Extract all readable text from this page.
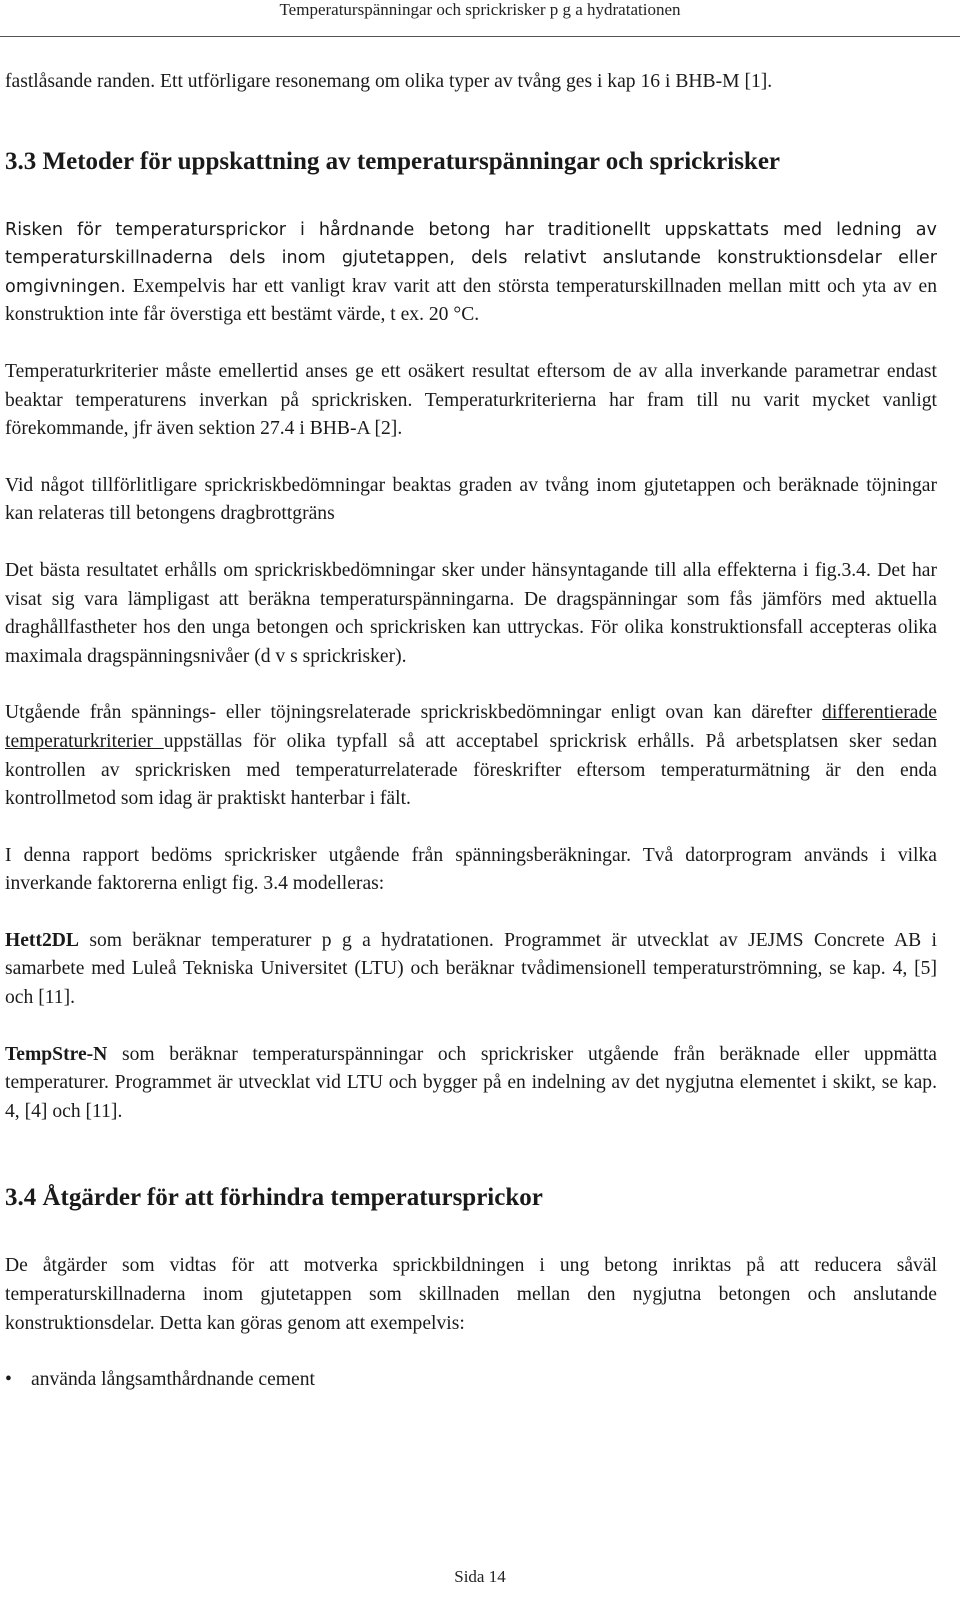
Temperaturspänningar och sprickrisker p g a hydratationen

fastlåsande randen. Ett utförligare resonemang om olika typer av tvång ges i kap 16 i BHB-M [1].

3.3 Metoder för uppskattning av temperaturspänningar och sprickrisker

Risken för temperatursprickor i hårdnande betong har traditionellt uppskattats med ledning av temperaturskillnaderna dels inom gjutetappen, dels relativt anslutande konstruktionsdelar eller omgivningen. Exempelvis har ett vanligt krav varit att den största temperaturskillnaden mellan mitt och yta av en konstruktion inte får överstiga ett bestämt värde, t ex. 20 °C.

Temperaturkriterier måste emellertid anses ge ett osäkert resultat eftersom de av alla inverkande parametrar endast beaktar temperaturens inverkan på sprickrisken. Temperaturkriterierna har fram till nu varit mycket vanligt förekommande, jfr även sektion 27.4 i BHB-A [2].

Vid något tillförlitligare sprickriskbedömningar beaktas graden av tvång inom gjutetappen och beräknade töjningar kan relateras till betongens dragbrottgräns

Det bästa resultatet erhålls om sprickriskbedömningar sker under hänsyntagande till alla effekterna i fig.3.4. Det har visat sig vara lämpligast att beräkna temperaturspänningarna. De dragspänningar som fås jämförs med aktuella draghållfastheter hos den unga betongen och sprickrisken kan uttryckas. För olika konstruktionsfall accepteras olika maximala dragspänningsnivåer (d v s sprickrisker).

Utgående från spännings- eller töjningsrelaterade sprickriskbedömningar enligt ovan kan därefter differentierade temperaturkriterier uppställas för olika typfall så att acceptabel sprickrisk erhålls. På arbetsplatsen sker sedan kontrollen av sprickrisken med temperaturrelaterade föreskrifter eftersom temperaturmätning är den enda kontrollmetod som idag är praktiskt hanterbar i fält.

I denna rapport bedöms sprickrisker utgående från spänningsberäkningar. Två datorprogram används i vilka inverkande faktorerna enligt fig. 3.4 modelleras:

Hett2DL som beräknar temperaturer p g a hydratationen. Programmet är utvecklat av JEJMS Concrete AB i samarbete med Luleå Tekniska Universitet (LTU) och beräknar tvådimensionell temperaturströmning, se kap. 4, [5] och [11].

TempStre-N som beräknar temperaturspänningar och sprickrisker utgående från beräknade eller uppmätta temperaturer. Programmet är utvecklat vid LTU och bygger på en indelning av det nygjutna elementet i skikt, se kap. 4, [4] och [11].

3.4 Åtgärder för att förhindra temperatursprickor

De åtgärder som vidtas för att motverka sprickbildningen i ung betong inriktas på att reducera såväl temperaturskillnaderna inom gjutetappen som skillnaden mellan den nygjutna betongen och anslutande konstruktionsdelar. Detta kan göras genom att exempelvis:

• använda långsamthårdnande cement
Sida 14
